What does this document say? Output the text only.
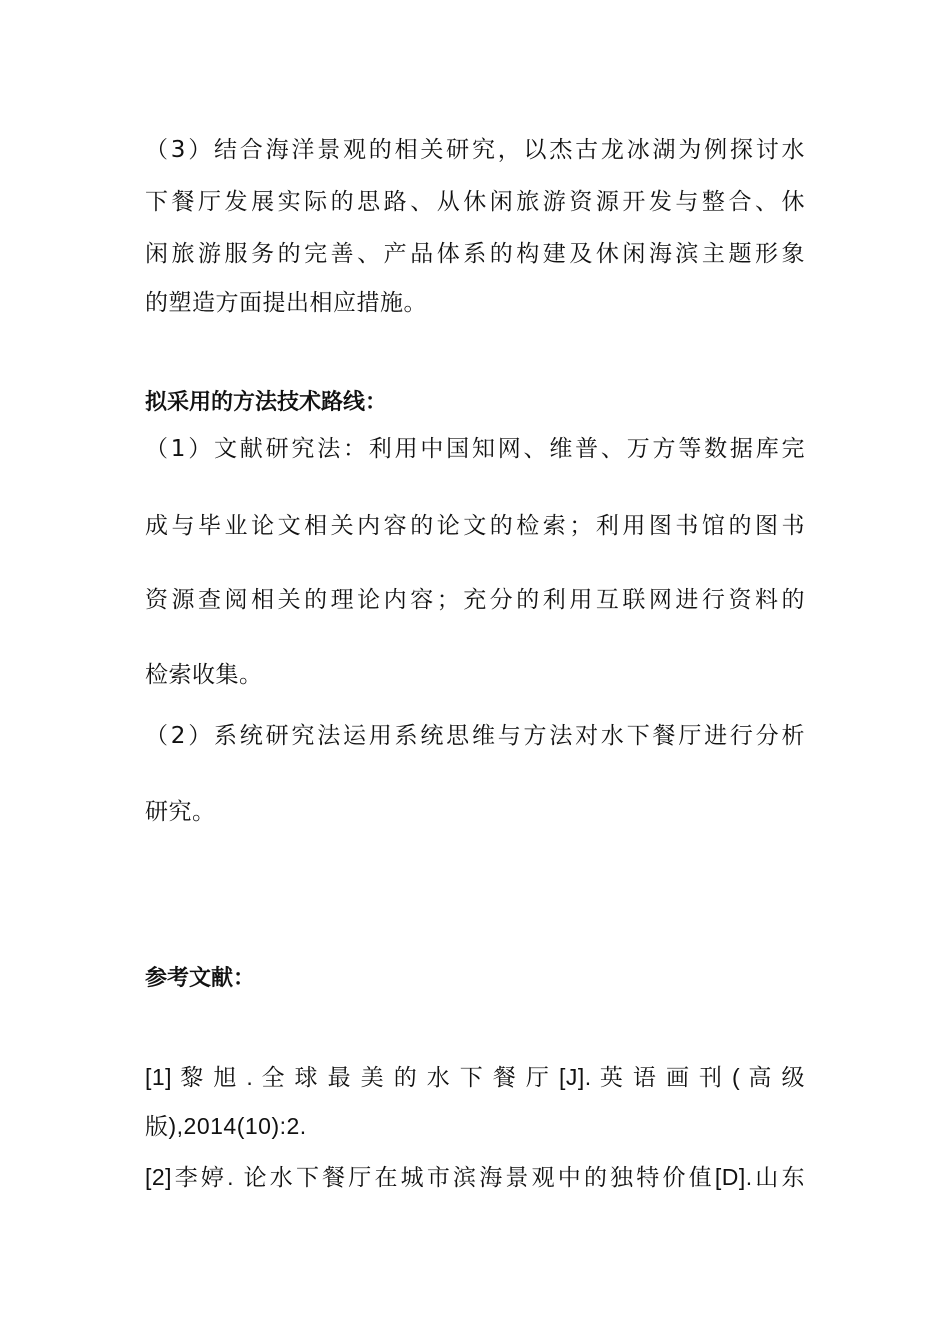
（3）结合海洋景观的相关研究，以杰古龙冰湖为例探讨水
下餐厅发展实际的思路、从休闲旅游资源开发与整合、休
闲旅游服务的完善、产品体系的构建及休闲海滨主题形象
的塑造方面提出相应措施。
拟采用的方法技术路线：
（1）文献研究法：利用中国知网、维普、万方等数据库完
成与毕业论文相关内容的论文的检索；利用图书馆的图书
资源查阅相关的理论内容；充分的利用互联网进行资料的
检索收集。
（2）系统研究法运用系统思维与方法对水下餐厅进行分析
研究。
参考文献：
[1] 黎 旭 . 全 球 最 美 的 水 下 餐 厅 [J]. 英 语 画 刊 ( 高 级
版),2014(10):2.
[2]李婷. 论水下餐厅在城市滨海景观中的独特价值[D].山东
